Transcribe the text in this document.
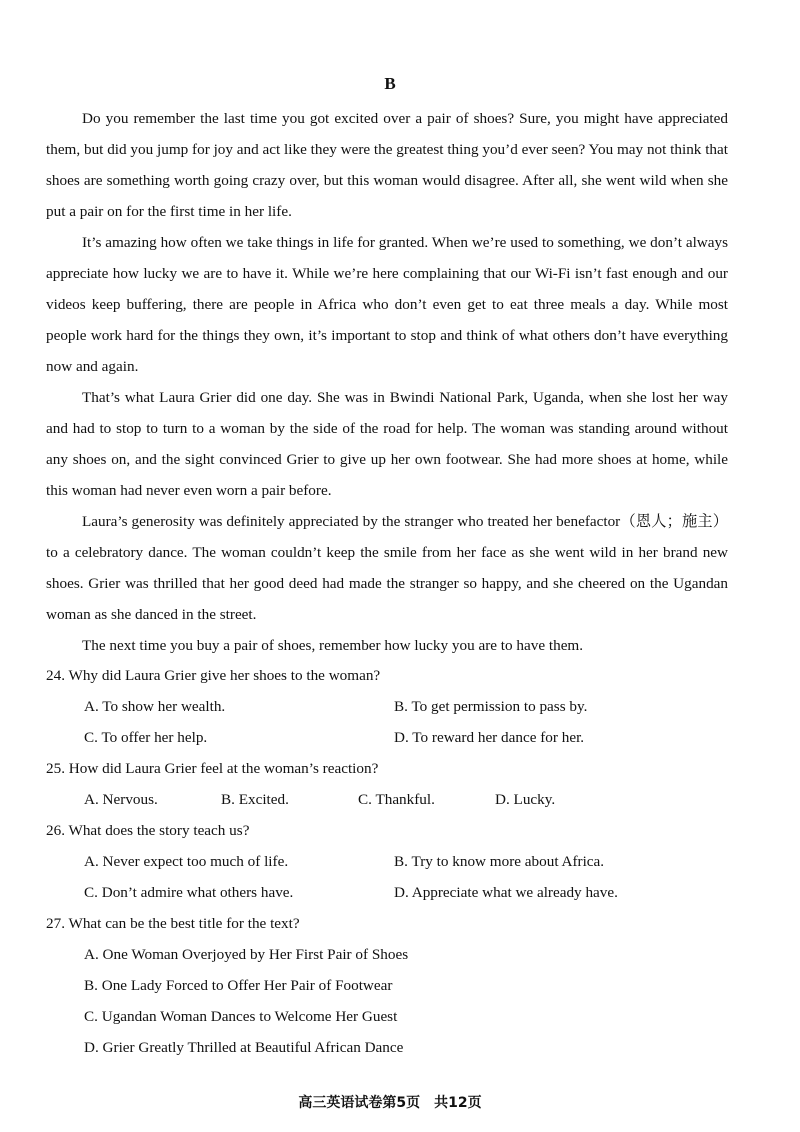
B

Do you remember the last time you got excited over a pair of shoes? Sure, you might have appreciated them, but did you jump for joy and act like they were the greatest thing you’d ever seen? You may not think that shoes are something worth going crazy over, but this woman would disagree. After all, she went wild when she put a pair on for the first time in her life.

It’s amazing how often we take things in life for granted. When we’re used to something, we don’t always appreciate how lucky we are to have it. While we’re here complaining that our Wi-Fi isn’t fast enough and our videos keep buffering, there are people in Africa who don’t even get to eat three meals a day. While most people work hard for the things they own, it’s important to stop and think of what others don’t have everything now and again.

That’s what Laura Grier did one day. She was in Bwindi National Park, Uganda, when she lost her way and had to stop to turn to a woman by the side of the road for help. The woman was standing around without any shoes on, and the sight convinced Grier to give up her own footwear. She had more shoes at home, while this woman had never even worn a pair before.

Laura’s generosity was definitely appreciated by the stranger who treated her benefactor（恩人；施主）to a celebratory dance. The woman couldn’t keep the smile from her face as she went wild in her brand new shoes. Grier was thrilled that her good deed had made the stranger so happy, and she cheered on the Ugandan woman as she danced in the street.

The next time you buy a pair of shoes, remember how lucky you are to have them.

24. Why did Laura Grier give her shoes to the woman?

A. To show her wealth.	B. To get permission to pass by.
C. To offer her help.	D. To reward her dance for her.

25. How did Laura Grier feel at the woman’s reaction?

A. Nervous.	B. Excited.	C. Thankful.	D. Lucky.

26. What does the story teach us?

A. Never expect too much of life.	B. Try to know more about Africa.
C. Don’t admire what others have.	D. Appreciate what we already have.

27. What can be the best title for the text?

A. One Woman Overjoyed by Her First Pair of Shoes
B. One Lady Forced to Offer Her Pair of Footwear
C. Ugandan Woman Dances to Welcome Her Guest
D. Grier Greatly Thrilled at Beautiful African Dance
高三英语试卷第5页　共12页
